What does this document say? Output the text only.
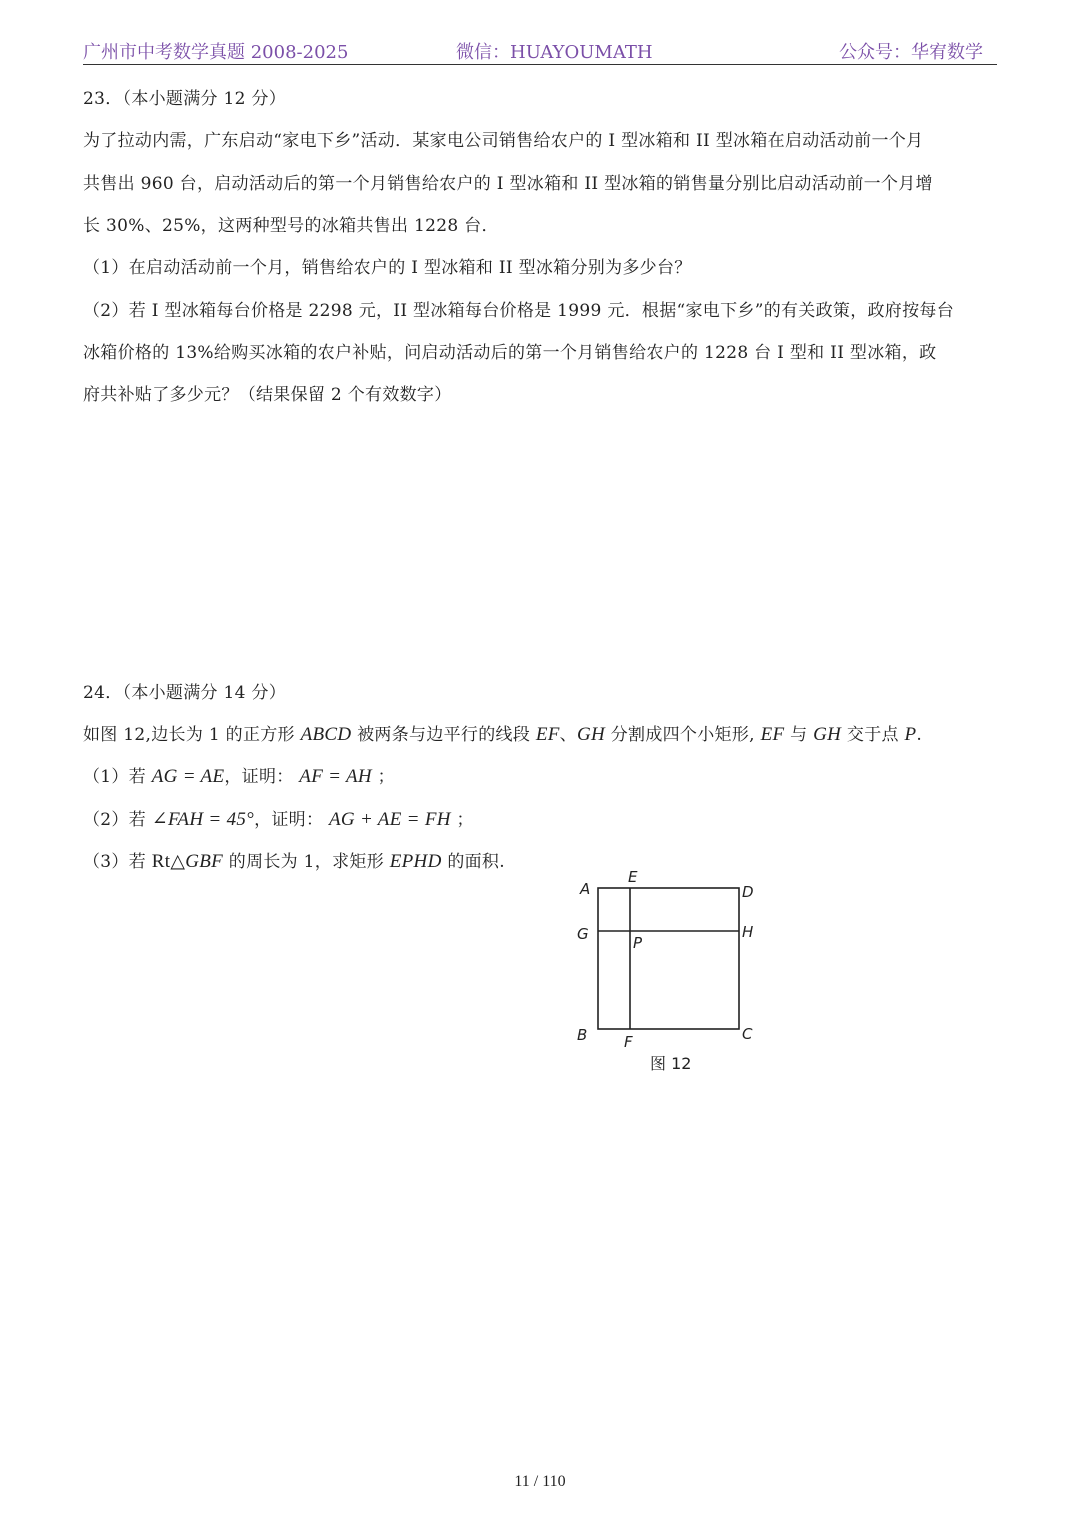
广州市中考数学真题 2008-2025	微信：HUAYOUMATH	公众号：华宥数学
23．（本小题满分 12 分）
为了拉动内需，广东启动“家电下乡”活动．某家电公司销售给农户的 I 型冰箱和 II 型冰箱在启动活动前一个月
共售出 960 台，启动活动后的第一个月销售给农户的 I 型冰箱和 II 型冰箱的销售量分别比启动活动前一个月增
长 30%、25%，这两种型号的冰箱共售出 1228 台．
（1）在启动活动前一个月，销售给农户的 I 型冰箱和 II 型冰箱分别为多少台？
（2）若 I 型冰箱每台价格是 2298 元，II 型冰箱每台价格是 1999 元．根据“家电下乡”的有关政策，政府按每台
冰箱价格的 13%给购买冰箱的农户补贴，问启动活动后的第一个月销售给农户的 1228 台 I 型和 II 型冰箱，政
府共补贴了多少元？（结果保留 2 个有效数字）
24．（本小题满分 14 分）
如图 12,边长为 1 的正方形 ABCD 被两条与边平行的线段 EF、GH 分割成四个小矩形, EF 与 GH 交于点 P.
（1）若 AG = AE，证明： AF = AH ；
（2）若 ∠FAH = 45°，证明： AG + AE = FH ；
（3）若 Rt△GBF 的周长为 1，求矩形 EPHD 的面积.
A
E
D
G	P
H
B F	C
图 12
11 / 110
